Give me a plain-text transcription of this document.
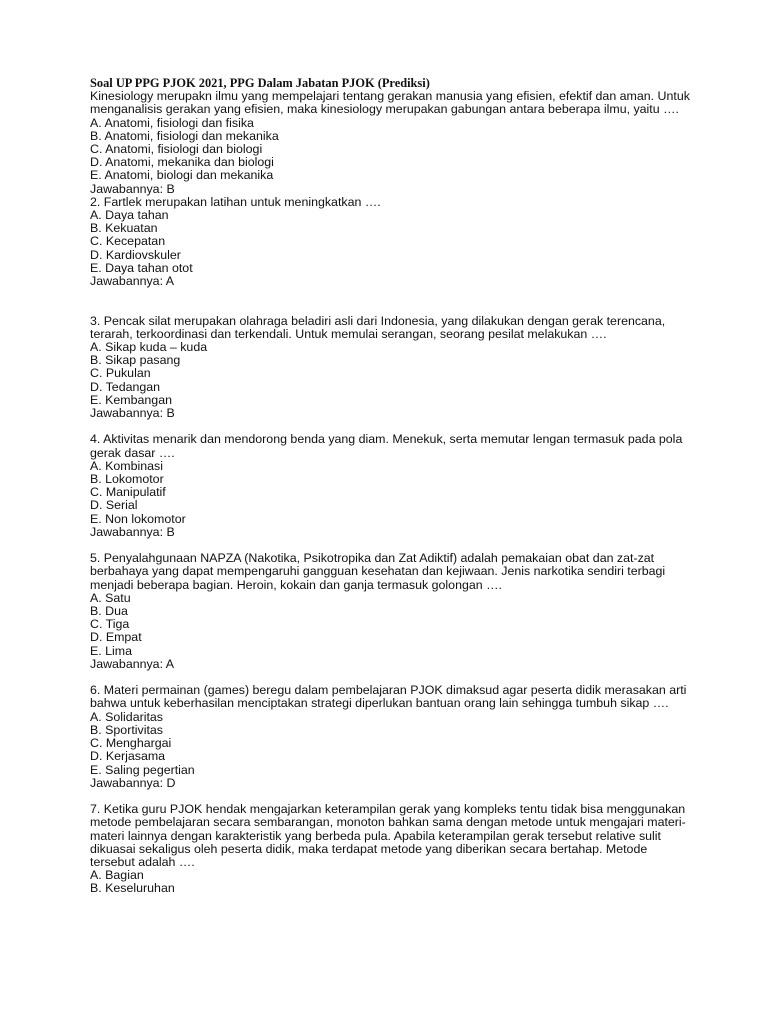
Soal UP PPG PJOK 2021, PPG Dalam Jabatan PJOK (Prediksi)
Kinesiology merupakn ilmu yang mempelajari tentang gerakan manusia yang efisien, efektif dan aman. Untuk menganalisis gerakan yang efisien, maka kinesiology merupakan gabungan antara beberapa ilmu, yaitu ….
A. Anatomi, fisiologi dan fisika
B. Anatomi, fisiologi dan mekanika
C. Anatomi, fisiologi dan biologi
D. Anatomi, mekanika dan biologi
E. Anatomi, biologi dan mekanika
Jawabannya: B
2. Fartlek merupakan latihan untuk meningkatkan ….
A. Daya tahan
B. Kekuatan
C. Kecepatan
D. Kardiovskuler
E. Daya tahan otot
Jawabannya: A
3. Pencak silat merupakan olahraga beladiri asli dari Indonesia, yang dilakukan dengan gerak terencana, terarah, terkoordinasi dan terkendali. Untuk memulai serangan, seorang pesilat melakukan ….
A. Sikap kuda – kuda
B. Sikap pasang
C. Pukulan
D. Tedangan
E. Kembangan
Jawabannya: B
4. Aktivitas menarik dan mendorong benda yang diam. Menekuk, serta memutar lengan termasuk pada pola gerak dasar ….
A. Kombinasi
B. Lokomotor
C. Manipulatif
D. Serial
E. Non lokomotor
Jawabannya: B
5. Penyalahgunaan NAPZA (Nakotika, Psikotropika dan Zat Adiktif) adalah pemakaian obat dan zat-zat berbahaya yang dapat mempengaruhi gangguan kesehatan dan kejiwaan. Jenis narkotika sendiri terbagi menjadi beberapa bagian. Heroin, kokain dan ganja termasuk golongan ….
A. Satu
B. Dua
C. Tiga
D. Empat
E. Lima
Jawabannya: A
6. Materi permainan (games) beregu dalam pembelajaran PJOK dimaksud agar peserta didik merasakan arti bahwa untuk keberhasilan menciptakan strategi diperlukan bantuan orang lain sehingga tumbuh sikap ….
A. Solidaritas
B. Sportivitas
C. Menghargai
D. Kerjasama
E. Saling pegertian
Jawabannya: D
7. Ketika guru PJOK hendak mengajarkan keterampilan gerak yang kompleks tentu tidak bisa menggunakan metode pembelajaran secara sembarangan, monoton bahkan sama dengan metode untuk mengajari materi-materi lainnya dengan karakteristik yang berbeda pula. Apabila keterampilan gerak tersebut relative sulit dikuasai sekaligus oleh peserta didik, maka terdapat metode yang diberikan secara bertahap. Metode tersebut adalah ….
A. Bagian
B. Keseluruhan
